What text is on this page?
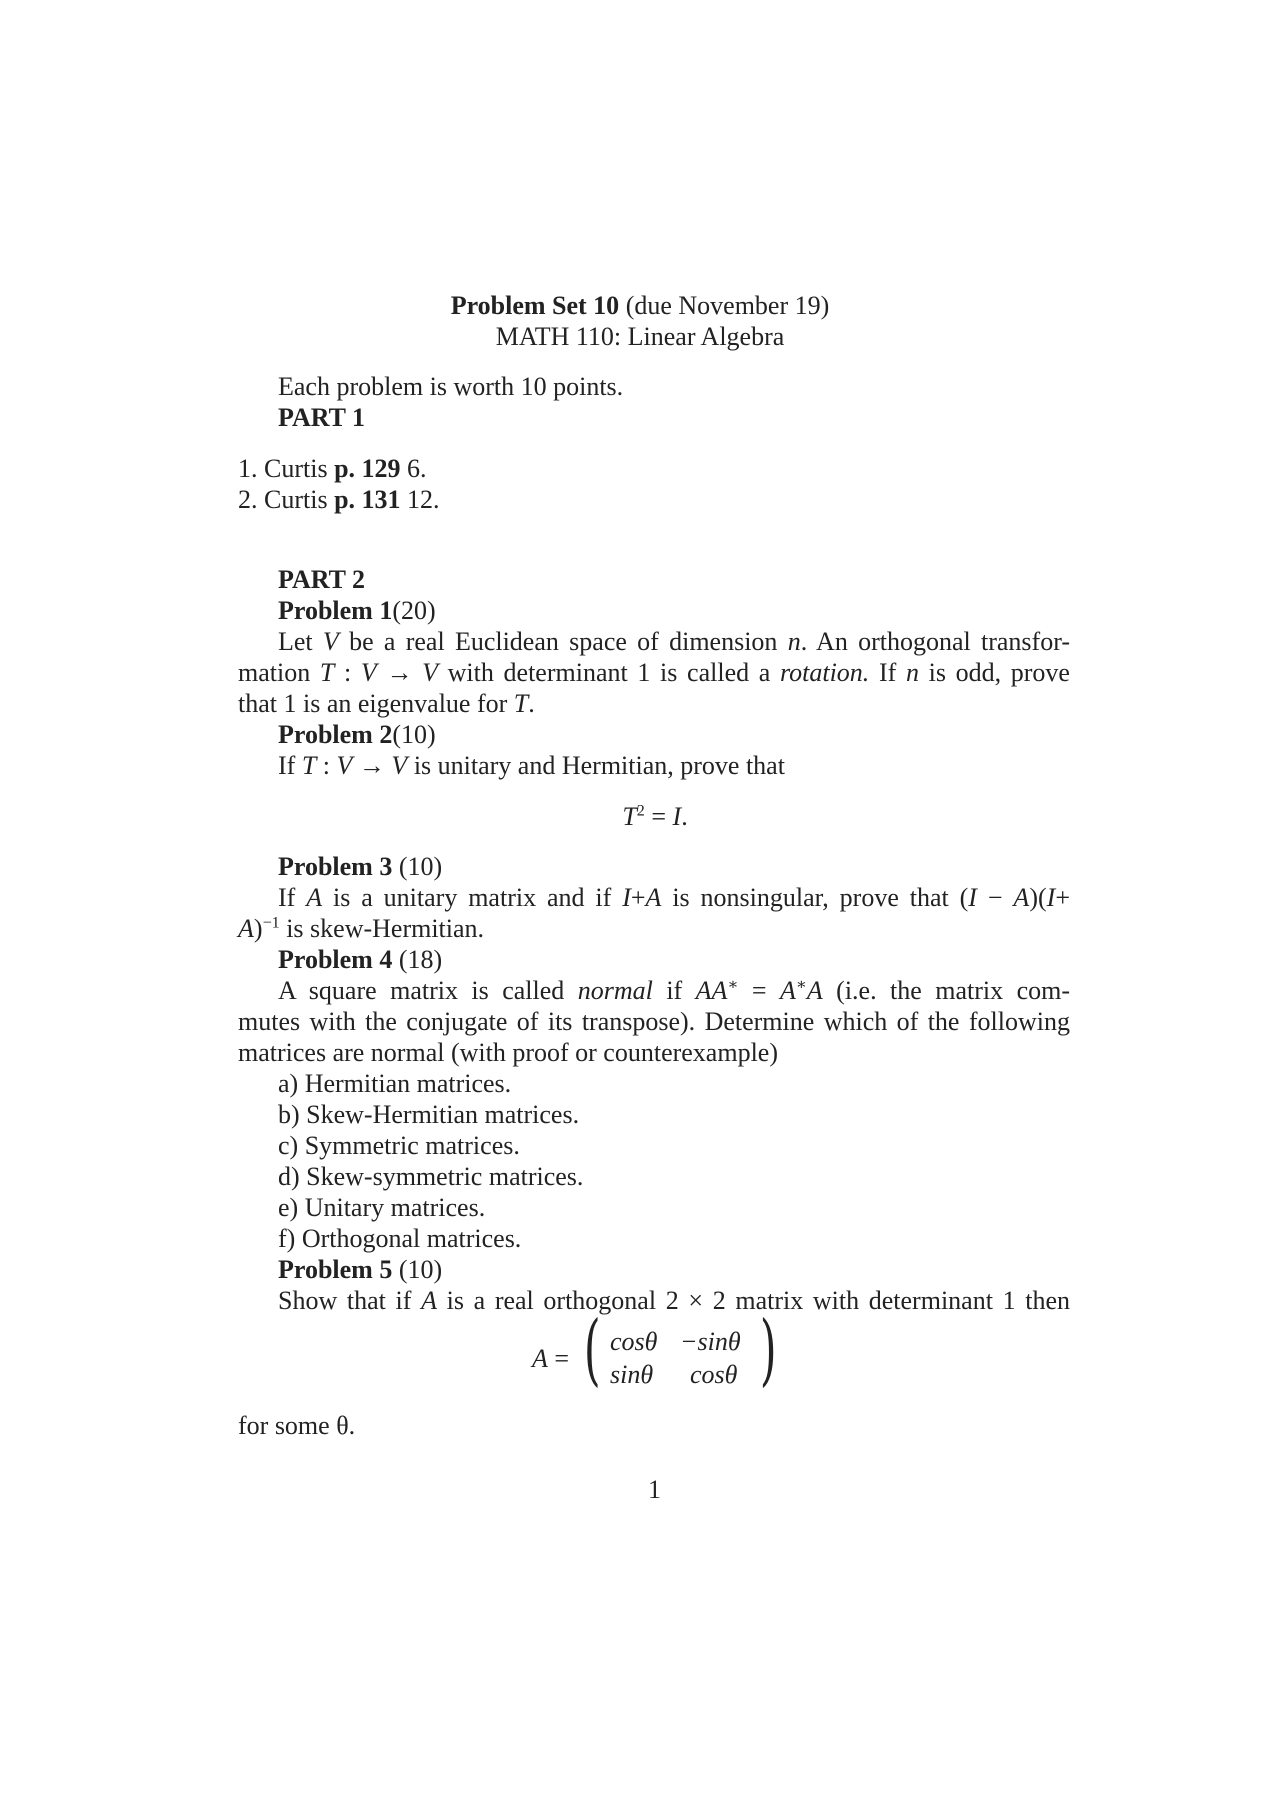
Problem Set 10 (due November 19)
MATH 110: Linear Algebra
Each problem is worth 10 points.
PART 1
1. Curtis p. 129 6.
2. Curtis p. 131 12.
PART 2
Problem 1(20)
Let V be a real Euclidean space of dimension n. An orthogonal transfor-
mation T : V → V with determinant 1 is called a rotation. If n is odd, prove
that 1 is an eigenvalue for T.
Problem 2(10)
If T : V → V is unitary and Hermitian, prove that
$T^2 = I$.
Problem 3 (10)
If A is a unitary matrix and if I+A is nonsingular, prove that (I − A)(I+
A)$^{-1}$ is skew-Hermitian.
Problem 4 (18)
A square matrix is called normal if AA∗ = A∗A (i.e. the matrix com-
mutes with the conjugate of its transpose). Determine which of the following
matrices are normal (with proof or counterexample)
a) Hermitian matrices.
b) Skew-Hermitian matrices.
c) Symmetric matrices.
d) Skew-symmetric matrices.
e) Unitary matrices.
f) Orthogonal matrices.
Problem 5 (10)
Show that if A is a real orthogonal 2 × 2 matrix with determinant 1 then
A = ( cosθ −sinθ
sinθ cosθ )
for some θ.
1
